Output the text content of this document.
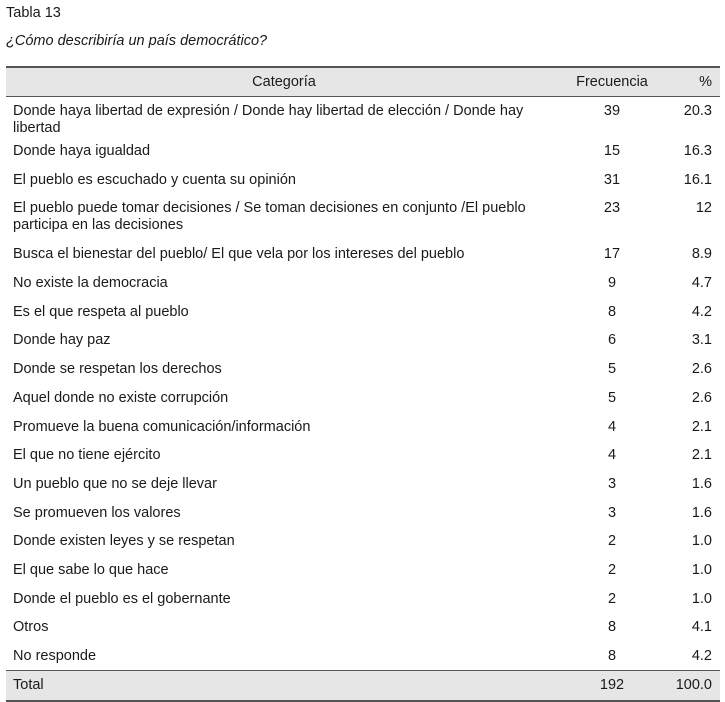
Tabla 13
¿Cómo describiría un país democrático?
Categoría	Frecuencia	%
Donde haya libertad de expresión / Donde hay libertad de elección / Donde hay libertad	39	20.3
Donde haya igualdad	15	16.3
El pueblo es escuchado y cuenta su opinión	31	16.1
El pueblo puede tomar decisiones / Se toman decisiones en conjunto /El pueblo participa en las decisiones	23	12
Busca el bienestar del pueblo/ El que vela por los intereses del pueblo	17	8.9
No existe la democracia	9	4.7
Es el que respeta al pueblo	8	4.2
Donde hay paz	6	3.1
Donde se respetan los derechos	5	2.6
Aquel donde no existe corrupción	5	2.6
Promueve la buena comunicación/información	4	2.1
El que no tiene ejército	4	2.1
Un pueblo que no se deje llevar	3	1.6
Se promueven los valores	3	1.6
Donde existen leyes y se respetan	2	1.0
El que sabe lo que hace	2	1.0
Donde el pueblo es el gobernante	2	1.0
Otros	8	4.1
No responde	8	4.2
Total	192	100.0
